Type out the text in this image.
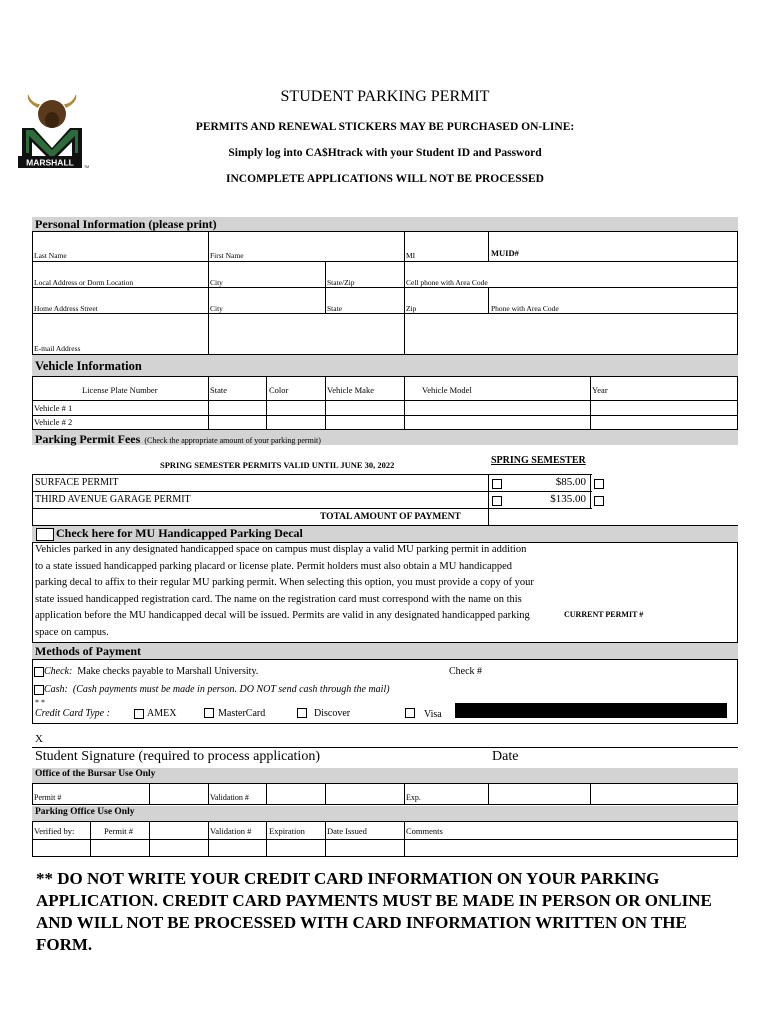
MARSHALL	TM
STUDENT PARKING PERMIT
PERMITS AND RENEWAL STICKERS MAY BE PURCHASED ON-LINE:
Simply log into CA$Htrack with your Student ID and Password
INCOMPLETE APPLICATIONS WILL NOT BE PROCESSED
Personal Information (please print)
Last Name	First Name	MI	MUID#
Local Address or Dorm Location	City	State/Zip	Cell phone with Area Code
Home Address Street	City	State	Zip	Phone with Area Code
E-mail Address
Vehicle Information
License Plate Number	State	Color	Vehicle Make	Vehicle Model	Year
Vehicle # 1
Vehicle # 2
Parking Permit Fees (Check the appropriate amount of your parking permit)
SPRING SEMESTER PERMITS VALID UNTIL JUNE 30, 2022	SPRING SEMESTER
SURFACE PERMIT	$85.00
THIRD AVENUE GARAGE PERMIT	$135.00
TOTAL AMOUNT OF PAYMENT
Check here for MU Handicapped Parking Decal
Vehicles parked in any designated handicapped space on campus must display a valid MU parking permit in addition
to a state issued handicapped parking placard or license plate. Permit holders must also obtain a MU handicapped
parking decal to affix to their regular MU parking permit. When selecting this option, you must provide a copy of your
state issued handicapped registration card. The name on the registration card must correspond with the name on this
application before the MU handicapped decal will be issued. Permits are valid in any designated handicapped parking
space on campus.
CURRENT PERMIT #
Methods of Payment
Check: Make checks payable to Marshall University.	Check #
Cash: (Cash payments must be made in person. DO NOT send cash through the mail)
* *
Credit Card Type :	AMEX	MasterCard	Discover	Visa
X
Student Signature (required to process application)	Date
Office of the Bursar Use Only
Permit #	Validation #	Exp.
Parking Office Use Only
Verified by:	Permit #	Validation # Expiration	Date Issued	Comments
** DO NOT WRITE YOUR CREDIT CARD INFORMATION ON YOUR PARKING APPLICATION. CREDIT CARD PAYMENTS MUST BE MADE IN PERSON OR ONLINE AND WILL NOT BE PROCESSED WITH CARD INFORMATION WRITTEN ON THE FORM.
